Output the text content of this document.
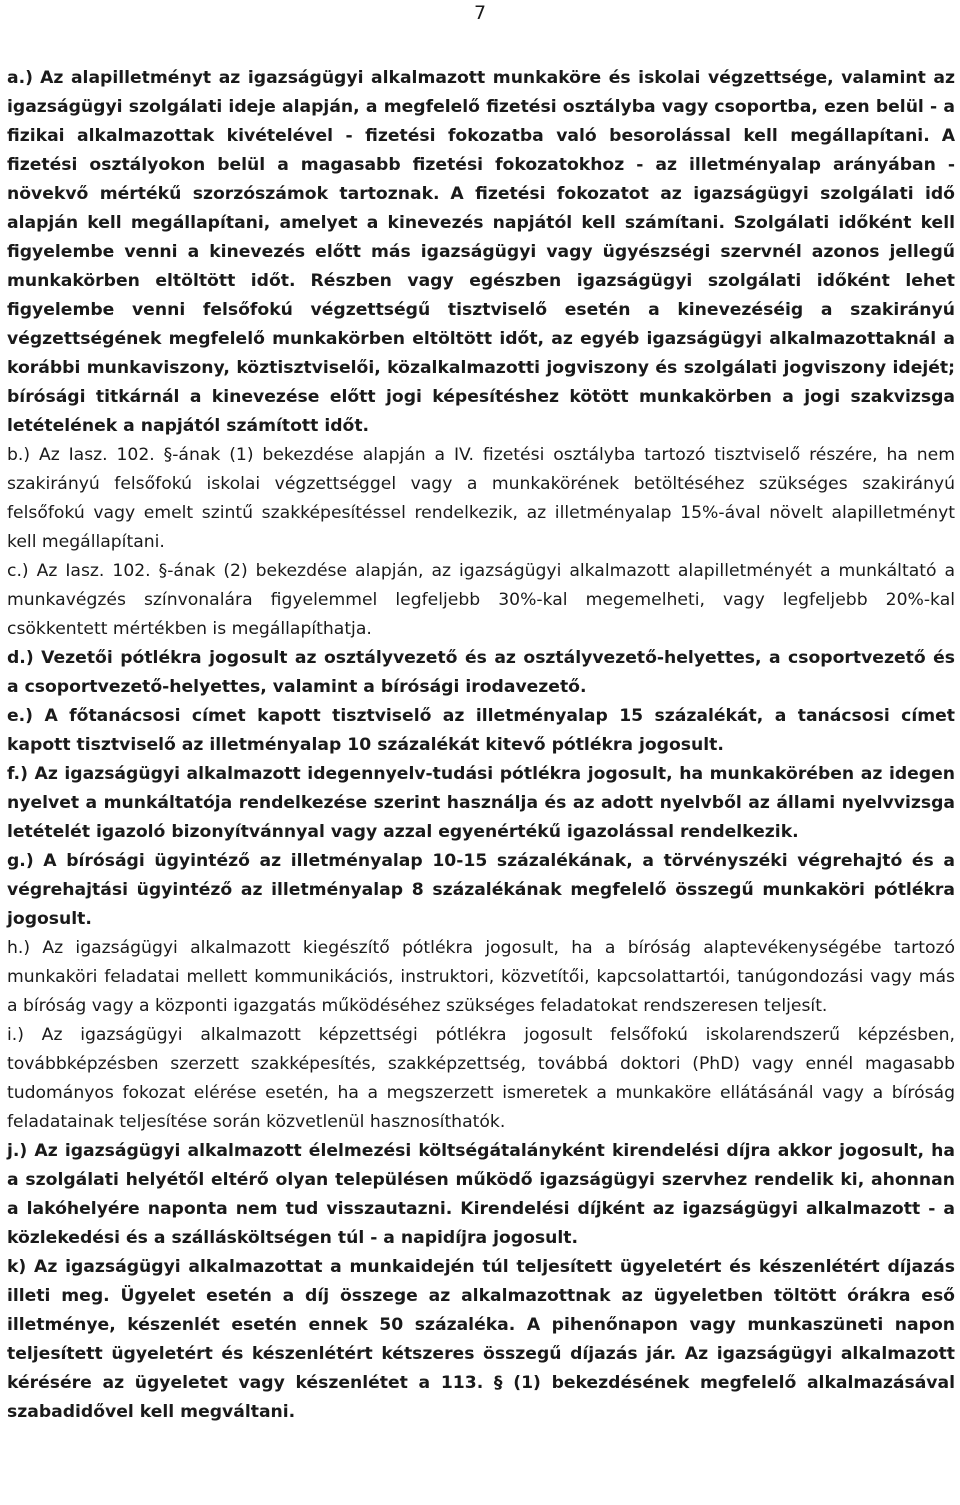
7

a.) Az alapilletményt az igazságügyi alkalmazott munkaköre és iskolai végzettsége, valamint az igazságügyi szolgálati ideje alapján, a megfelelő fizetési osztályba vagy csoportba, ezen belül - a fizikai alkalmazottak kivételével - fizetési fokozatba való besorolással kell megállapítani. A fizetési osztályokon belül a magasabb fizetési fokozatokhoz - az illetményalap arányában - növekvő mértékű szorzószámok tartoznak. A fizetési fokozatot az igazságügyi szolgálati idő alapján kell megállapítani, amelyet a kinevezés napjától kell számítani. Szolgálati időként kell figyelembe venni a kinevezés előtt más igazságügyi vagy ügyészségi szervnél azonos jellegű munkakörben eltöltött időt. Részben vagy egészben igazságügyi szolgálati időként lehet figyelembe venni felsőfokú végzettségű tisztviselő esetén a kinevezéséig a szakirányú végzettségének megfelelő munkakörben eltöltött időt, az egyéb igazságügyi alkalmazottaknál a korábbi munkaviszony, köztisztviselői, közalkalmazotti jogviszony és szolgálati jogviszony idejét; bírósági titkárnál a kinevezése előtt jogi képesítéshez kötött munkakörben a jogi szakvizsga letételének a napjától számított időt.

b.) Az Iasz. 102. §-ának (1) bekezdése alapján a IV. fizetési osztályba tartozó tisztviselő részére, ha nem szakirányú felsőfokú iskolai végzettséggel vagy a munkakörének betöltéséhez szükséges szakirányú felsőfokú vagy emelt szintű szakképesítéssel rendelkezik, az illetményalap 15%-ával növelt alapilletményt kell megállapítani.

c.) Az Iasz. 102. §-ának (2) bekezdése alapján, az igazságügyi alkalmazott alapilletményét a munkáltató a munkavégzés színvonalára figyelemmel legfeljebb 30%-kal megemelheti, vagy legfeljebb 20%-kal csökkentett mértékben is megállapíthatja.

d.) Vezetői pótlékra jogosult az osztályvezető és az osztályvezető-helyettes, a csoportvezető és a csoportvezető-helyettes, valamint a bírósági irodavezető.

e.) A főtanácsosi címet kapott tisztviselő az illetményalap 15 százalékát, a tanácsosi címet kapott tisztviselő az illetményalap 10 százalékát kitevő pótlékra jogosult.

f.) Az igazságügyi alkalmazott idegennyelv-tudási pótlékra jogosult, ha munkakörében az idegen nyelvet a munkáltatója rendelkezése szerint használja és az adott nyelvből az állami nyelvvizsga letételét igazoló bizonyítvánnyal vagy azzal egyenértékű igazolással rendelkezik.

g.) A bírósági ügyintéző az illetményalap 10-15 százalékának, a törvényszéki végrehajtó és a végrehajtási ügyintéző az illetményalap 8 százalékának megfelelő összegű munkaköri pótlékra jogosult.

h.) Az igazságügyi alkalmazott kiegészítő pótlékra jogosult, ha a bíróság alaptevékenységébe tartozó munkaköri feladatai mellett kommunikációs, instruktori, közvetítői, kapcsolattartói, tanúgondozási vagy más a bíróság vagy a központi igazgatás működéséhez szükséges feladatokat rendszeresen teljesít.

i.) Az igazságügyi alkalmazott képzettségi pótlékra jogosult felsőfokú iskolarendszerű képzésben, továbbképzésben szerzett szakképesítés, szakképzettség, továbbá doktori (PhD) vagy ennél magasabb tudományos fokozat elérése esetén, ha a megszerzett ismeretek a munkaköre ellátásánál vagy a bíróság feladatainak teljesítése során közvetlenül hasznosíthatók.

j.) Az igazságügyi alkalmazott élelmezési költségátalányként kirendelési díjra akkor jogosult, ha a szolgálati helyétől eltérő olyan településen működő igazságügyi szervhez rendelik ki, ahonnan a lakóhelyére naponta nem tud visszautazni. Kirendelési díjként az igazságügyi alkalmazott - a közlekedési és a szállásköltségen túl - a napidíjra jogosult.

k) Az igazságügyi alkalmazottat a munkaidején túl teljesített ügyeletért és készenlétért díjazás illeti meg. Ügyelet esetén a díj összege az alkalmazottnak az ügyeletben töltött órákra eső illetménye, készenlét esetén ennek 50 százaléka. A pihenőnapon vagy munkaszüneti napon teljesített ügyeletért és készenlétért kétszeres összegű díjazás jár. Az igazságügyi alkalmazott kérésére az ügyeletet vagy készenlétet a 113. § (1) bekezdésének megfelelő alkalmazásával szabadidővel kell megváltani.
